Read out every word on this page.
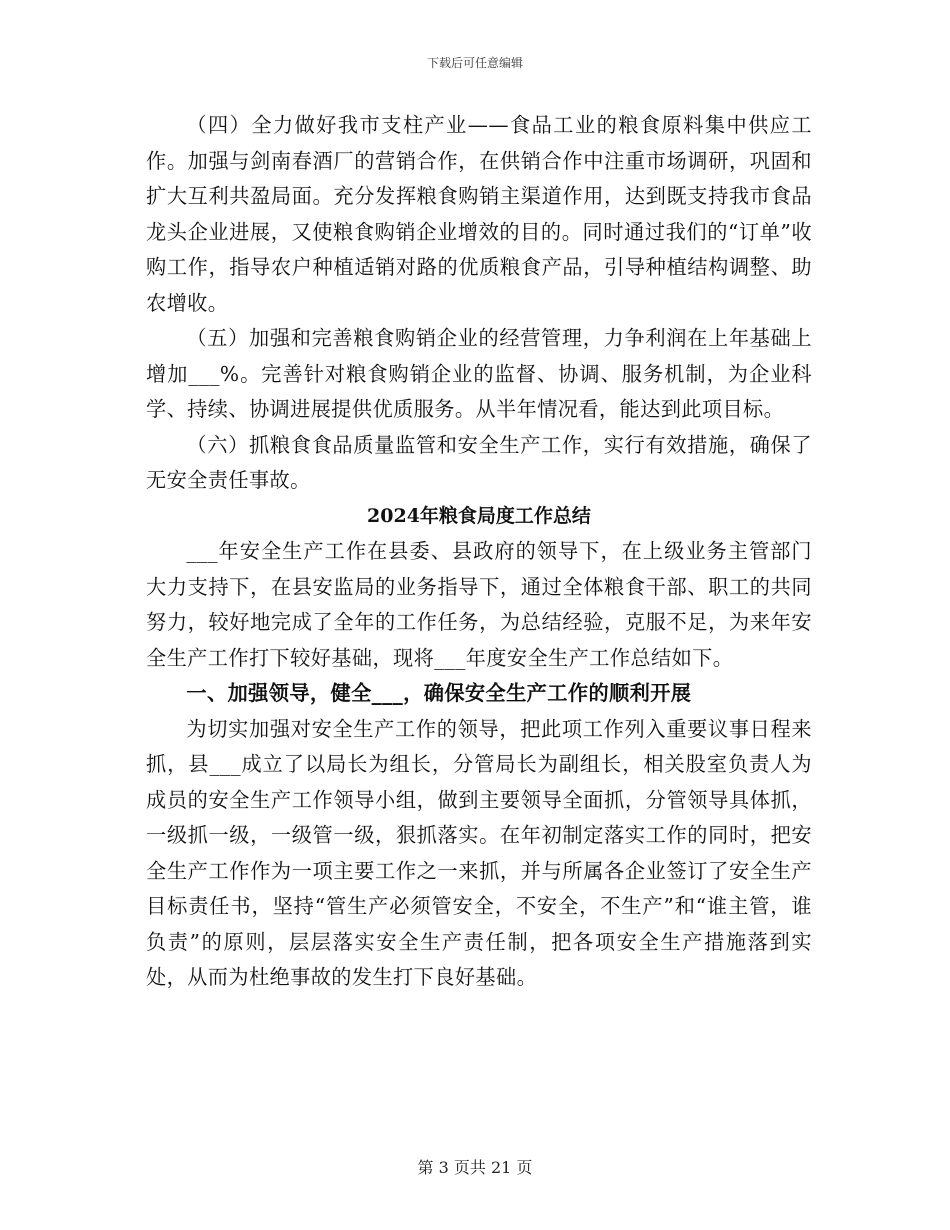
下载后可任意编辑

（四）全力做好我市支柱产业——食品工业的粮食原料集中供应工作。加强与剑南春酒厂的营销合作，在供销合作中注重市场调研，巩固和扩大互利共盈局面。充分发挥粮食购销主渠道作用，达到既支持我市食品龙头企业进展，又使粮食购销企业增效的目的。同时通过我们的“订单”收购工作，指导农户种植适销对路的优质粮食产品，引导种植结构调整、助农增收。

（五）加强和完善粮食购销企业的经营管理，力争利润在上年基础上增加___%。完善针对粮食购销企业的监督、协调、服务机制，为企业科学、持续、协调进展提供优质服务。从半年情况看，能达到此项目标。

（六）抓粮食食品质量监管和安全生产工作，实行有效措施，确保了无安全责任事故。

2024年粮食局度工作总结

___年安全生产工作在县委、县政府的领导下，在上级业务主管部门大力支持下，在县安监局的业务指导下，通过全体粮食干部、职工的共同努力，较好地完成了全年的工作任务，为总结经验，克服不足，为来年安全生产工作打下较好基础，现将___年度安全生产工作总结如下。

一、加强领导，健全___，确保安全生产工作的顺利开展

为切实加强对安全生产工作的领导，把此项工作列入重要议事日程来抓，县___成立了以局长为组长，分管局长为副组长，相关股室负责人为成员的安全生产工作领导小组，做到主要领导全面抓，分管领导具体抓，一级抓一级，一级管一级，狠抓落实。在年初制定落实工作的同时，把安全生产工作作为一项主要工作之一来抓，并与所属各企业签订了安全生产目标责任书，坚持“管生产必须管安全，不安全，不生产”和“谁主管，谁负责”的原则，层层落实安全生产责任制，把各项安全生产措施落到实处，从而为杜绝事故的发生打下良好基础。

第 3 页共 21 页
